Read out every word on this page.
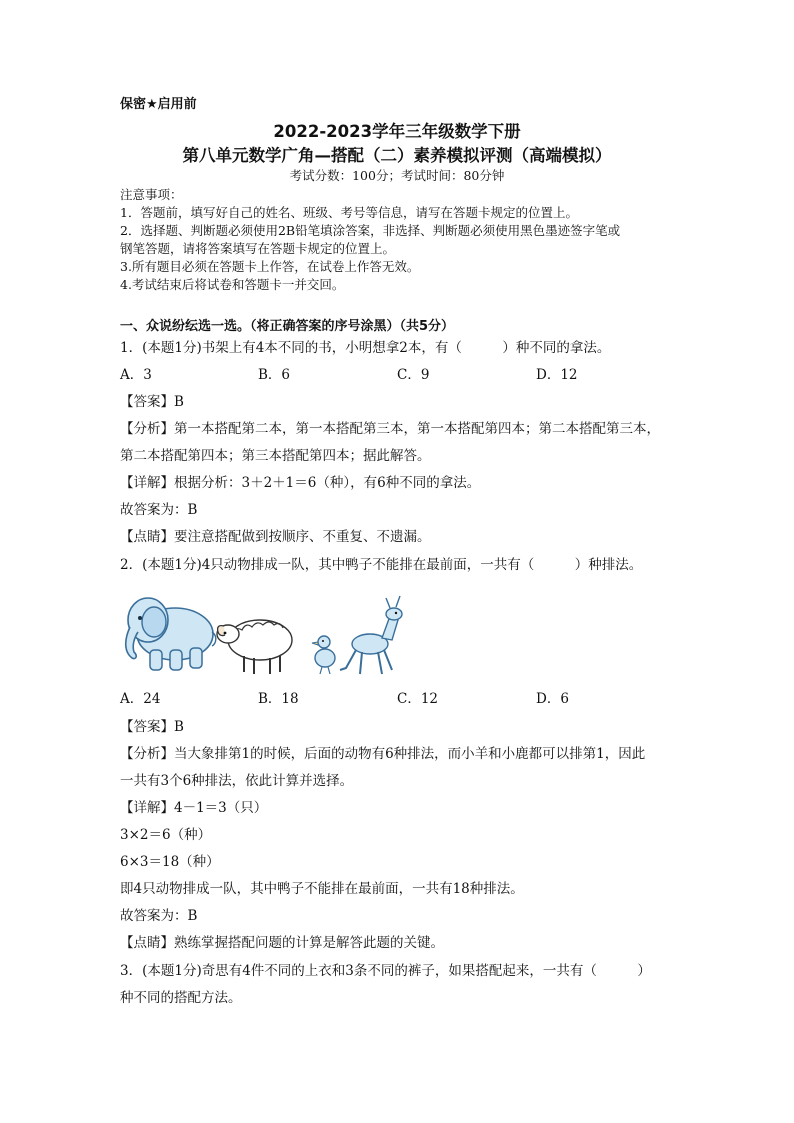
保密★启用前
2022-2023学年三年级数学下册
第八单元数学广角—搭配（二）素养模拟评测（高端模拟）
考试分数：100分；考试时间：80分钟
注意事项：
1．答题前，填写好自己的姓名、班级、考号等信息，请写在答题卡规定的位置上。
2．选择题、判断题必须使用2B铅笔填涂答案，非选择、判断题必须使用黑色墨迹签字笔或
钢笔答题，请将答案填写在答题卡规定的位置上。
3.所有题目必须在答题卡上作答，在试卷上作答无效。
4.考试结束后将试卷和答题卡一并交回。
一、众说纷纭选一选。（将正确答案的序号涂黑）（共5分）
1．(本题1分)书架上有4本不同的书，小明想拿2本，有（　　　）种不同的拿法。
A．3	B．6	C．9	D．12
【答案】B
【分析】第一本搭配第二本，第一本搭配第三本，第一本搭配第四本；第二本搭配第三本，
第二本搭配第四本；第三本搭配第四本；据此解答。
【详解】根据分析：3＋2＋1＝6（种），有6种不同的拿法。
故答案为：B
【点睛】要注意搭配做到按顺序、不重复、不遗漏。
2．(本题1分)4只动物排成一队，其中鸭子不能排在最前面，一共有（　　　）种排法。
A．24	B．18	C．12	D．6
【答案】B
【分析】当大象排第1的时候，后面的动物有6种排法，而小羊和小鹿都可以排第1，因此
一共有3个6种排法，依此计算并选择。
【详解】4－1＝3（只）
3×2＝6（种）
6×3＝18（种）
即4只动物排成一队，其中鸭子不能排在最前面，一共有18种排法。
故答案为：B
【点睛】熟练掌握搭配问题的计算是解答此题的关键。
3．(本题1分)奇思有4件不同的上衣和3条不同的裤子，如果搭配起来，一共有（　　　）
种不同的搭配方法。
